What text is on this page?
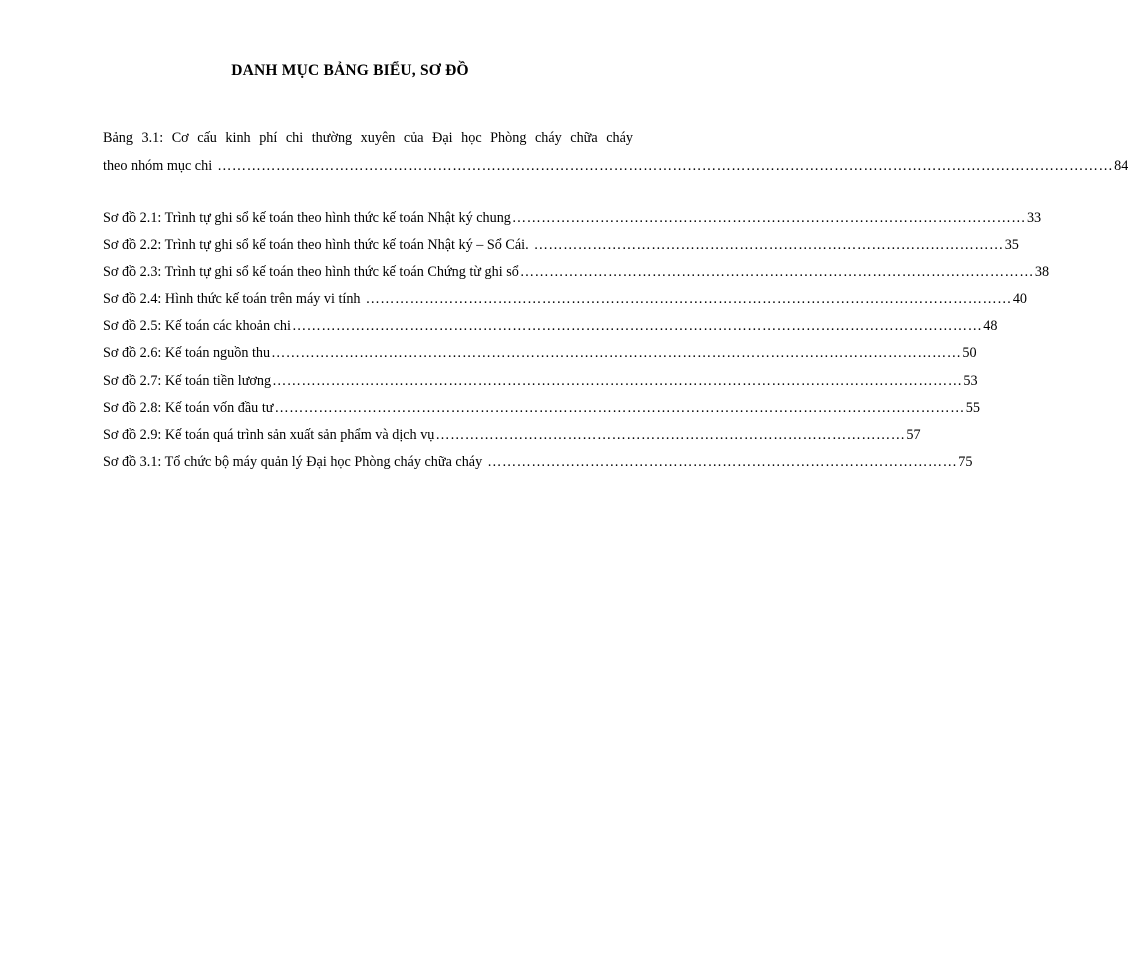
DANH MỤC BẢNG BIỂU, SƠ ĐỒ
Bảng 3.1: Cơ cấu kinh phí chi thường xuyên của Đại học Phòng cháy chữa cháy
theo nhóm mục chi ………………………………………………………………………………………………………………………………………………………………… 84
Sơ đồ 2.1: Trình tự ghi sổ kế toán theo hình thức kế toán Nhật ký chung …………………………………………………………………………………………… 33
Sơ đồ 2.2: Trình tự ghi sổ kế toán theo hình thức kế toán Nhật ký – Sổ Cái. …………………………………………………………………………………… 35
Sơ đồ 2.3: Trình tự ghi sổ kế toán theo hình thức kế toán Chứng từ ghi sổ …………………………………………………………………………………………… 38
Sơ đồ 2.4: Hình thức kế toán trên máy vi tính …………………………………………………………………………………………………………………… 40
Sơ đồ 2.5: Kế toán các khoản chi …………………………………………………………………………………………………………………………… 48
Sơ đồ 2.6: Kế toán nguồn thu …………………………………………………………………………………………………………………………… 50
Sơ đồ 2.7: Kế toán tiền lương …………………………………………………………………………………………………………………………… 53
Sơ đồ 2.8: Kế toán vốn đầu tư …………………………………………………………………………………………………………………………… 55
Sơ đồ 2.9: Kế toán quá trình sản xuất sản phẩm và dịch vụ …………………………………………………………………………………… 57
Sơ đồ 3.1: Tổ chức bộ máy quản lý Đại học Phòng cháy chữa cháy …………………………………………………………………………………… 75
